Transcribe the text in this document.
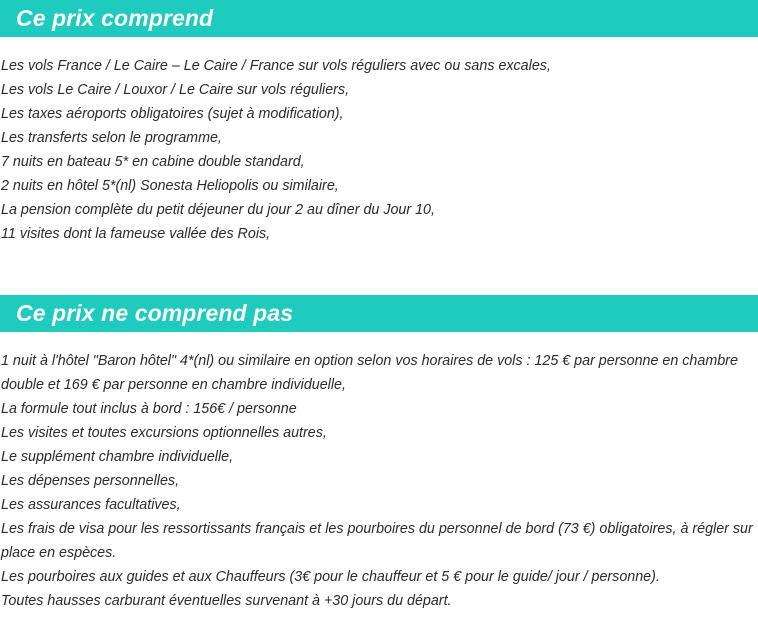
Ce prix comprend
Les vols France / Le Caire – Le Caire / France sur vols réguliers avec ou sans excales,
Les vols Le Caire / Louxor / Le Caire sur vols réguliers,
Les taxes aéroports obligatoires (sujet à modification),
Les transferts selon le programme,
7 nuits en bateau 5* en cabine double standard,
2 nuits en hôtel 5*(nl) Sonesta Heliopolis ou similaire,
La pension complète du petit déjeuner du jour 2 au dîner du Jour 10,
11 visites dont la fameuse vallée des Rois,
Ce prix ne comprend pas
1 nuit à l'hôtel "Baron hôtel" 4*(nl) ou similaire en option selon vos horaires de vols : 125 € par personne en chambre double et 169 € par personne en chambre individuelle,
La formule tout inclus à bord : 156€ / personne
Les visites et toutes excursions optionnelles autres,
Le supplément chambre individuelle,
Les dépenses personnelles,
Les assurances facultatives,
Les frais de visa pour les ressortissants français et les pourboires du personnel de bord (73 €) obligatoires, à régler sur place en espèces.
Les pourboires aux guides et aux Chauffeurs (3€ pour le chauffeur et 5 € pour le guide/ jour / personne).
Toutes hausses carburant éventuelles survenant à +30 jours du départ.
